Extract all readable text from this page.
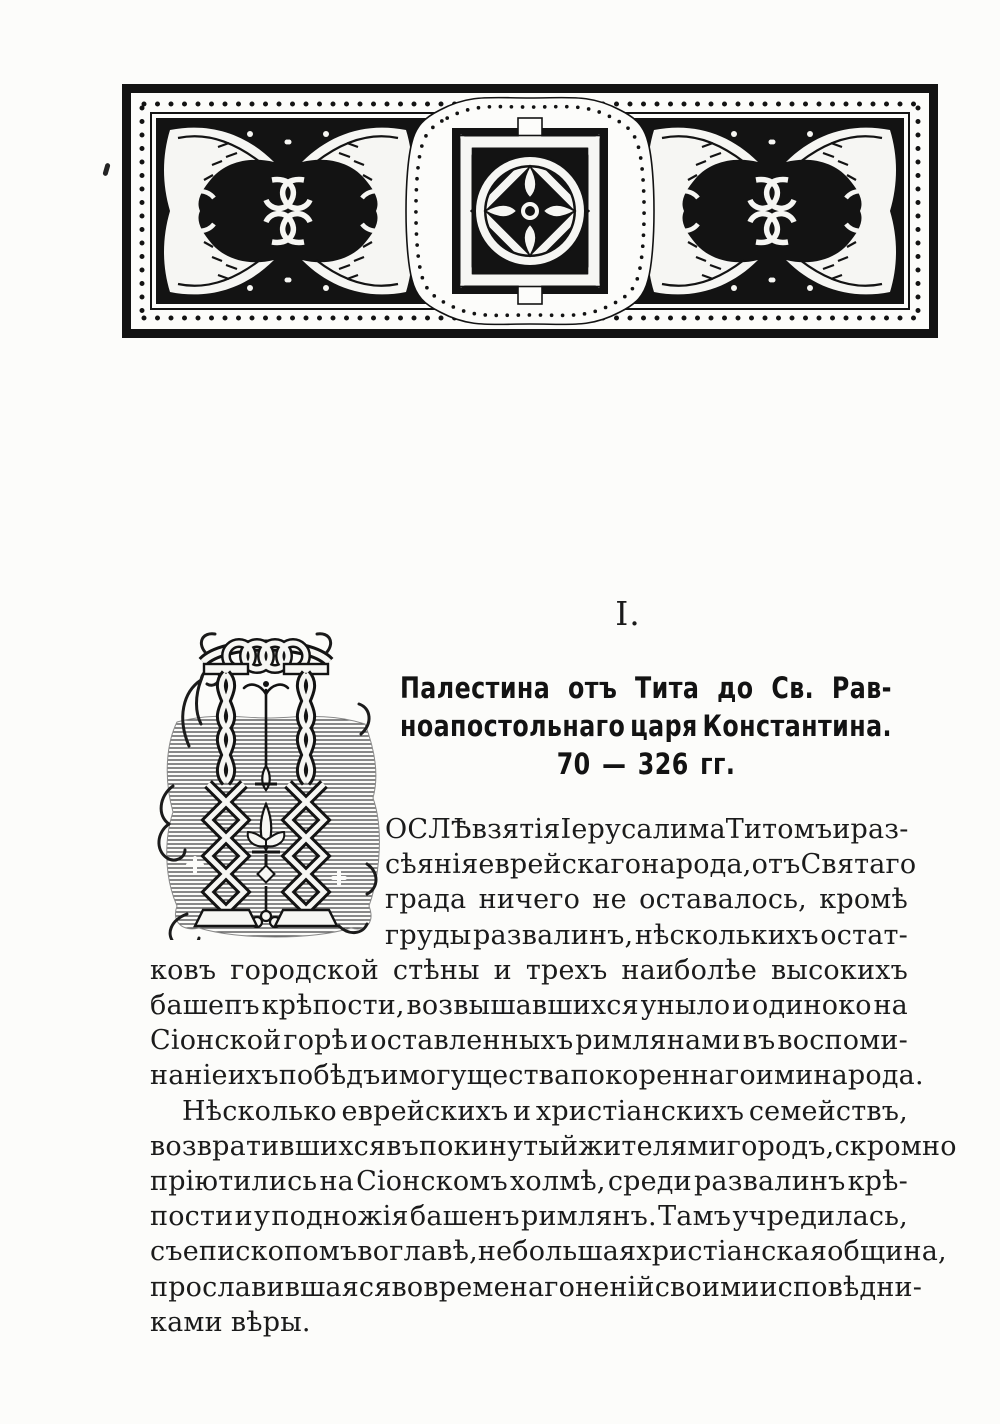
I.
Палестина отъ Тита до Св. Рав-
ноапостольнаго царя Константина.
70 — 326 гг.
ОСЛѢ взятія Іерусалима Титомъ и раз-
сѣянія еврейскаго народа, отъ Святаго
града ничего не оставалось, кромѣ
груды развалинъ, нѣсколькихъ остат-
ковъ городской стѣны и трехъ наиболѣе высокихъ
башепъ крѣпости, возвышавшихся уныло и одиноко на
Сіонской горѣ и оставленныхъ римлянами въ воспоми-
наніе ихъ побѣдъ и могущества покореннаго ими народа.
Нѣсколько еврейскихъ и христіанскихъ семействъ,
возвратившихся въ покинутый жителями городъ, скромно
пріютились на Сіонскомъ холмѣ, среди развалинъ крѣ-
пости и у подножія башенъ римлянъ. Тамъ учредилась,
съ епископомъ во главѣ, небольшая христіанская община,
прославившаяся во времена гоненій своими исповѣдни-
ками вѣры.
